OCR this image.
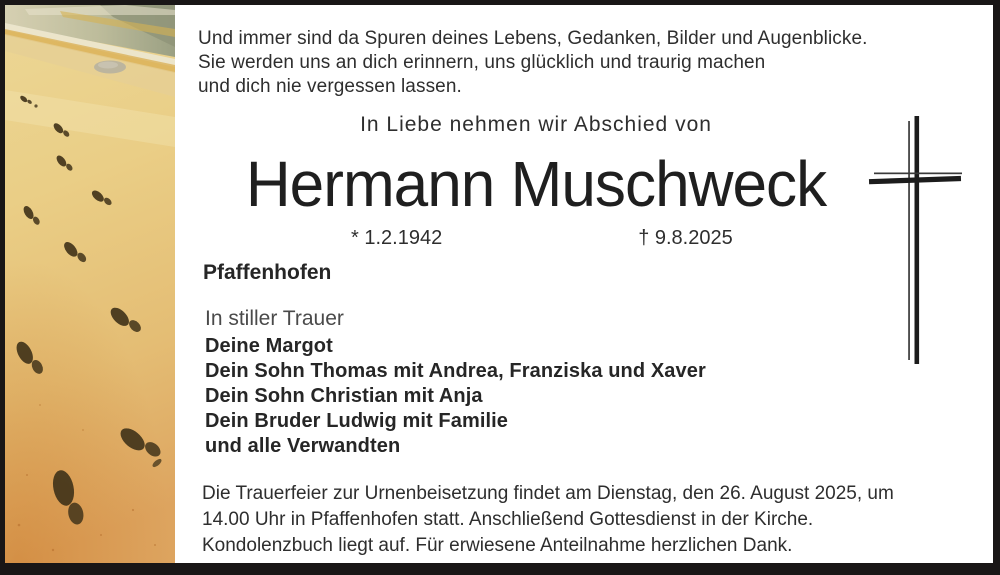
Und immer sind da Spuren deines Lebens, Gedanken, Bilder und Augenblicke.
Sie werden uns an dich erinnern, uns glücklich und traurig machen
und dich nie vergessen lassen.
In Liebe nehmen wir Abschied von
Hermann Muschweck
* 1.2.1942	† 9.8.2025
Pfaffenhofen
In stiller Trauer
Deine Margot
Dein Sohn Thomas mit Andrea, Franziska und Xaver
Dein Sohn Christian mit Anja
Dein Bruder Ludwig mit Familie
und alle Verwandten
Die Trauerfeier zur Urnenbeisetzung findet am Dienstag, den 26. August 2025, um
14.00 Uhr in Pfaffenhofen statt. Anschließend Gottesdienst in der Kirche.
Kondolenzbuch liegt auf. Für erwiesene Anteilnahme herzlichen Dank.
